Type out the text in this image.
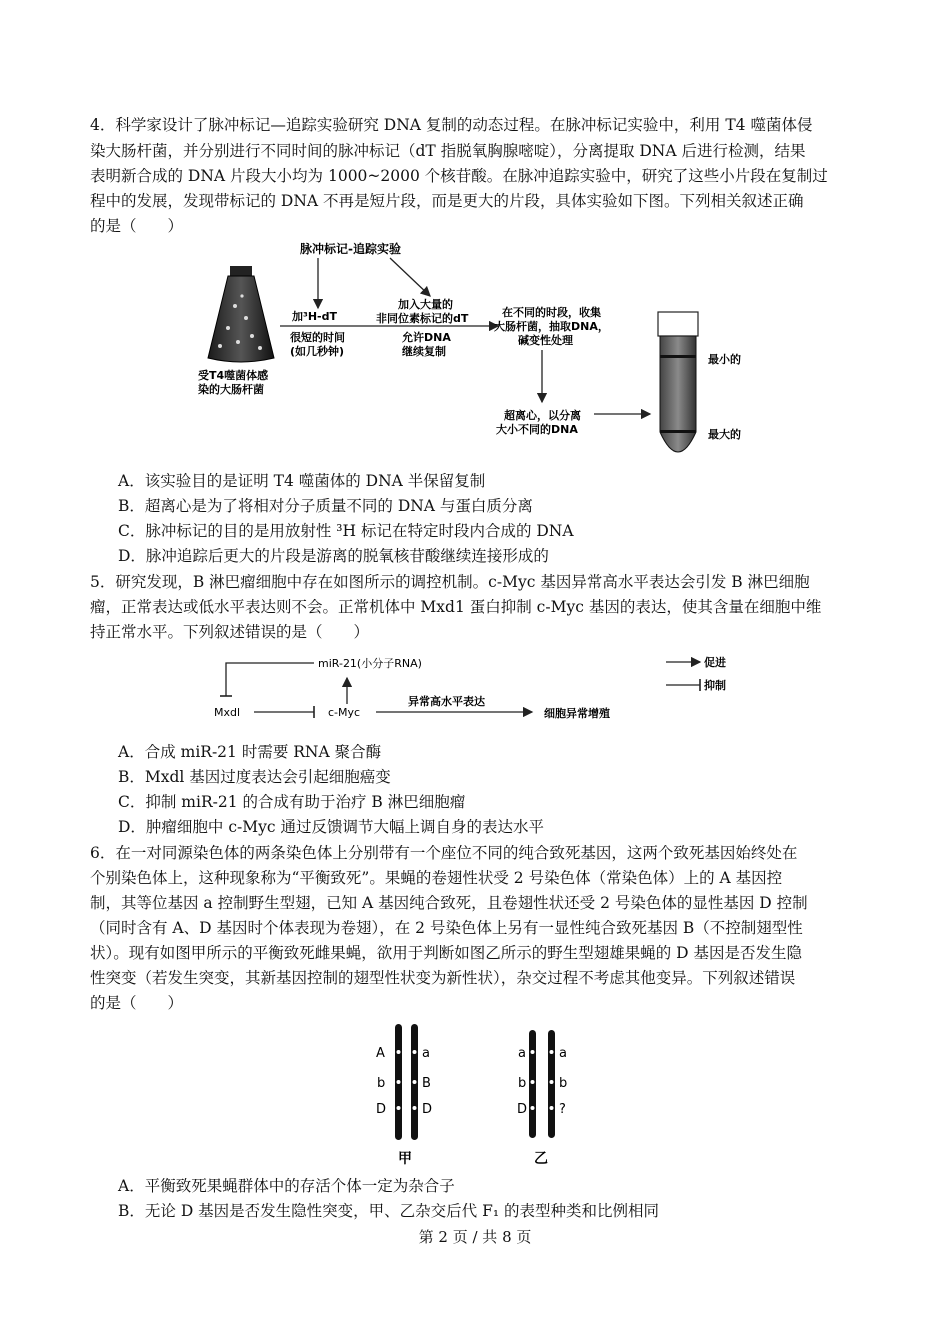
4．科学家设计了脉冲标记—追踪实验研究 DNA 复制的动态过程。在脉冲标记实验中，利用 T4 噬菌体侵

染大肠杆菌，并分别进行不同时间的脉冲标记（dT 指脱氧胸腺嘧啶），分离提取 DNA 后进行检测，结果

表明新合成的 DNA 片段大小均为 1000~2000 个核苷酸。在脉冲追踪实验中，研究了这些小片段在复制过

程中的发展，发现带标记的 DNA 不再是短片段，而是更大的片段，具体实验如下图。下列相关叙述正确

的是（　　）

脉冲标记-追踪实验
受T4噬菌体感
染的大肠杆菌
加³H-dT
很短的时间
(如几秒钟)
加入大量的
非同位素标记的dT
允许DNA
继续复制
在不同的时段，收集
大肠杆菌，抽取DNA，
碱变性处理
超离心，以分离
大小不同的DNA
最小的
最大的

A．该实验目的是证明 T4 噬菌体的 DNA 半保留复制

B．超离心是为了将相对分子质量不同的 DNA 与蛋白质分离

C．脉冲标记的目的是用放射性 ³H 标记在特定时段内合成的 DNA

D．脉冲追踪后更大的片段是游离的脱氧核苷酸继续连接形成的

5．研究发现，B 淋巴瘤细胞中存在如图所示的调控机制。c-Myc 基因异常高水平表达会引发 B 淋巴细胞

瘤，正常表达或低水平表达则不会。正常机体中 Mxd1 蛋白抑制 c-Myc 基因的表达，使其含量在细胞中维

持正常水平。下列叙述错误的是（　　）

miR-21(小分子RNA)
Mxdl	c-Myc
异常高水平表达
细胞异常增殖
促进
抑制

A．合成 miR-21 时需要 RNA 聚合酶

B．Mxdl 基因过度表达会引起细胞癌变

C．抑制 miR-21 的合成有助于治疗 B 淋巴细胞瘤

D．肿瘤细胞中 c-Myc 通过反馈调节大幅上调自身的表达水平

6．在一对同源染色体的两条染色体上分别带有一个座位不同的纯合致死基因，这两个致死基因始终处在

个别染色体上，这种现象称为“平衡致死”。果蝇的卷翅性状受 2 号染色体（常染色体）上的 A 基因控

制，其等位基因 a 控制野生型翅，已知 A 基因纯合致死，且卷翅性状还受 2 号染色体的显性基因 D 控制

（同时含有 A、D 基因时个体表现为卷翅），在 2 号染色体上另有一显性纯合致死基因 B（不控制翅型性

状）。现有如图甲所示的平衡致死雌果蝇，欲用于判断如图乙所示的野生型翅雄果蝇的 D 基因是否发生隐

性突变（若发生突变，其新基因控制的翅型性状变为新性状），杂交过程不考虑其他变异。下列叙述错误

的是（　　）

A
b
D
a
B
D
甲
a
b
D
a
b
?
乙

A．平衡致死果蝇群体中的存活个体一定为杂合子

B．无论 D 基因是否发生隐性突变，甲、乙杂交后代 F₁ 的表型种类和比例相同

第 2 页 / 共 8 页
